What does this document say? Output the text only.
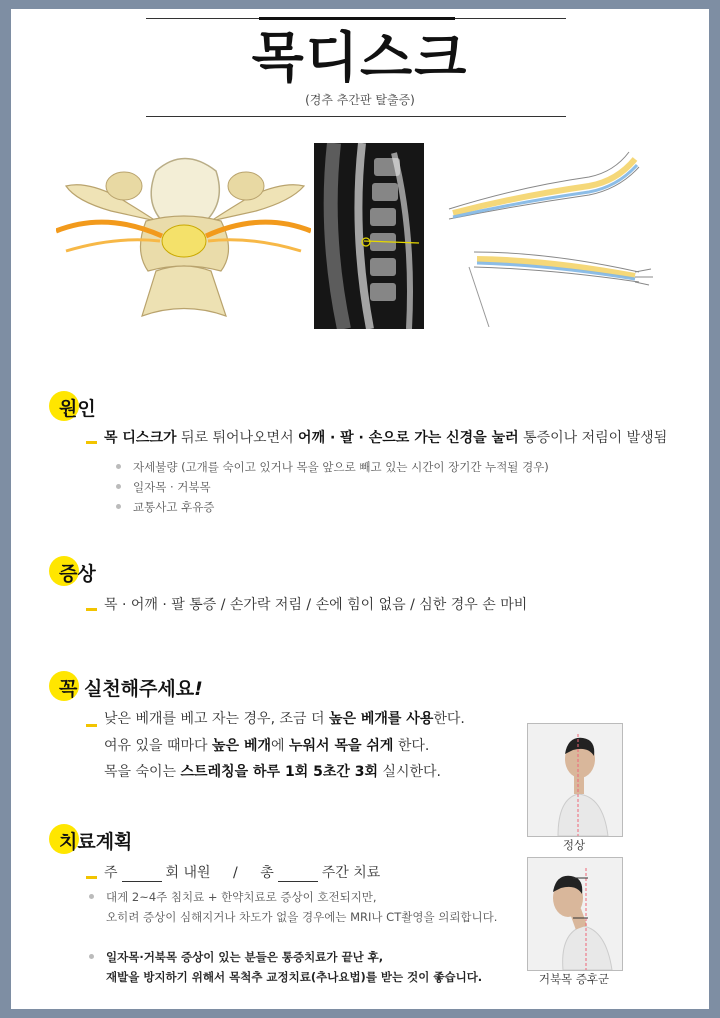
목디스크
(경추 추간판 탈출증)
원인
목 디스크가 뒤로 튀어나오면서 어깨 · 팔 · 손으로 가는 신경을 눌러 통증이나 저림이 발생됨
자세불량 (고개를 숙이고 있거나 목을 앞으로 빼고 있는 시간이 장기간 누적될 경우)
일자목 · 거북목
교통사고 후유증
증상
목 · 어깨 · 팔 통증 / 손가락 저림 / 손에 힘이 없음 / 심한 경우 손 마비
꼭 실천해주세요!
낮은 베개를 베고 자는 경우, 조금 더 높은 베개를 사용한다.
여유 있을 때마다 높은 베개에 누워서 목을 쉬게 한다.
목을 숙이는 스트레칭을 하루 1회 5초간 3회 실시한다.
치료계획
주	회 내원 / 총	주간 치료
대게 2~4주 침치료 + 한약치료로 증상이 호전되지만,
오히려 증상이 심해지거나 차도가 없을 경우에는 MRI나 CT촬영을 의뢰합니다.
일자목·거북목 증상이 있는 분들은 통증치료가 끝난 후,
재발을 방지하기 위해서 목척추 교정치료(추나요법)를 받는 것이 좋습니다.
정상
거북목 증후군
